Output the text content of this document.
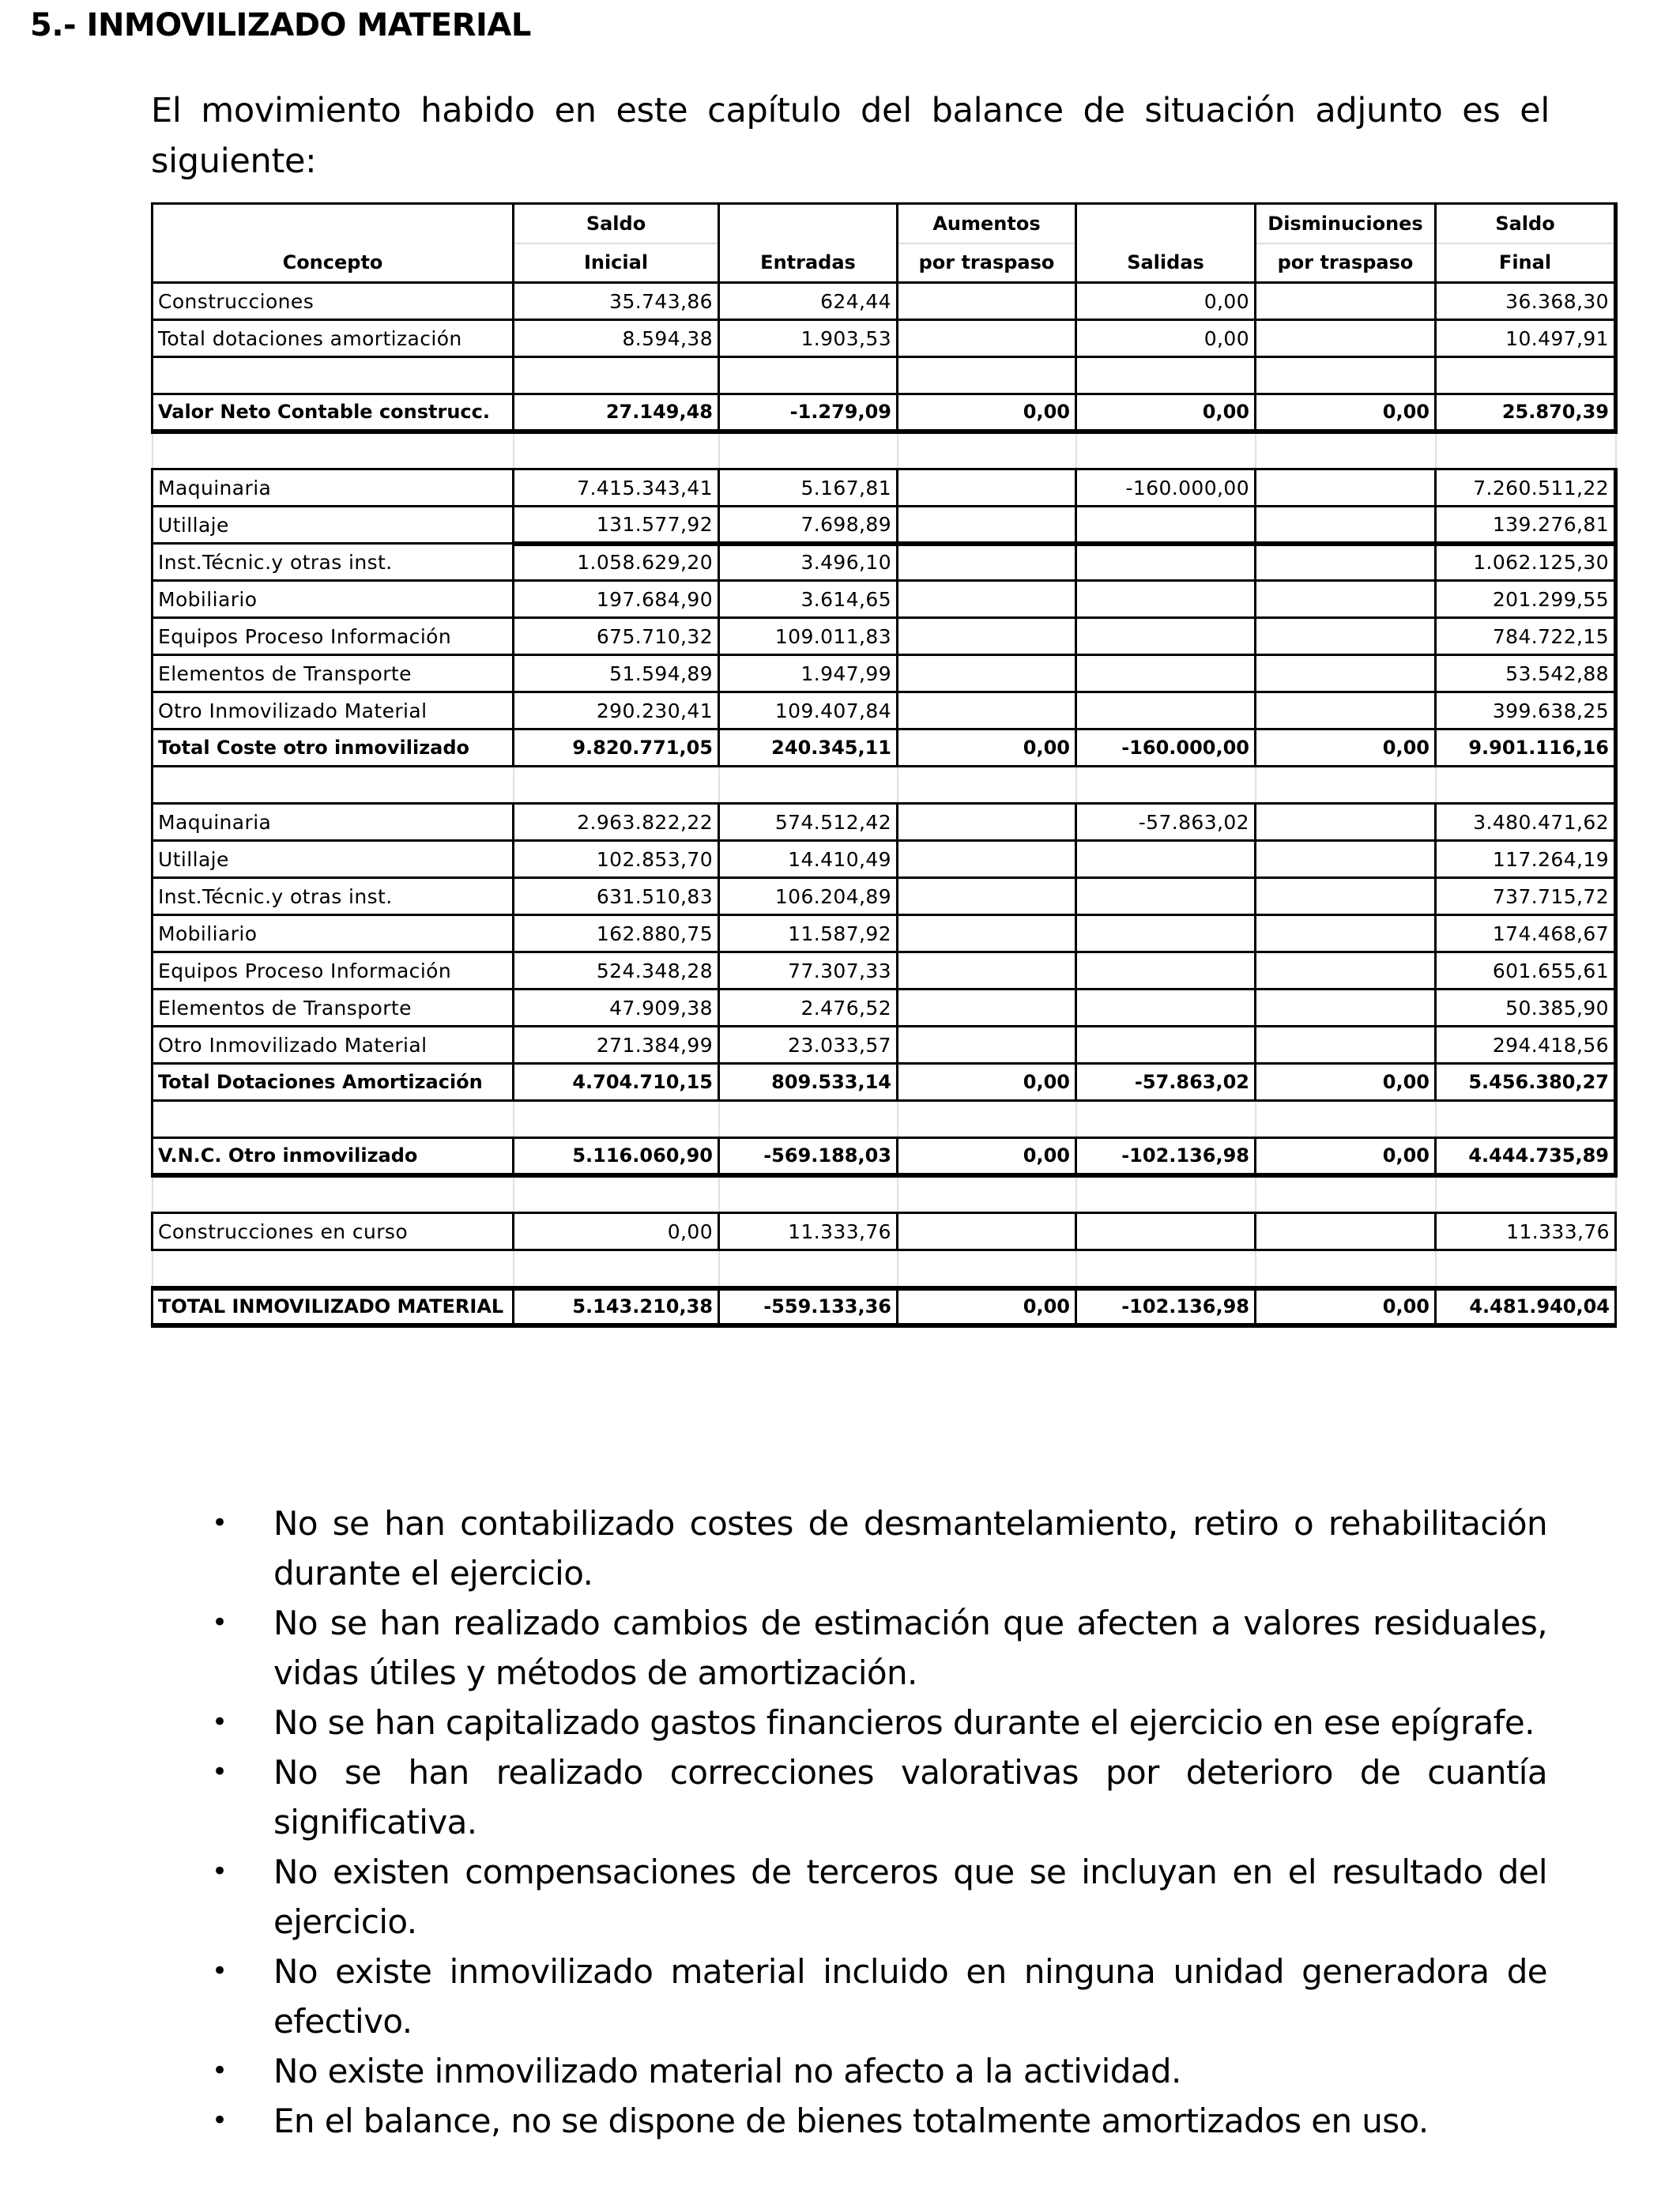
5.- INMOVILIZADO MATERIAL

El movimiento habido en este capítulo del balance de situación adjunto es el siguiente:

Concepto	Saldo	Entradas	Aumentos	Salidas	Disminuciones	Saldo
	Inicial		por traspaso		por traspaso	Final
Construcciones	35.743,86	624,44		0,00		36.368,30
Total dotaciones amortización	8.594,38	1.903,53		0,00		10.497,91

Valor Neto Contable construcc.	27.149,48	-1.279,09	0,00	0,00	0,00	25.870,39

Maquinaria	7.415.343,41	5.167,81		-160.000,00		7.260.511,22
Utillaje	131.577,92	7.698,89				139.276,81
Inst.Técnic.y otras inst.	1.058.629,20	3.496,10				1.062.125,30
Mobiliario	197.684,90	3.614,65				201.299,55
Equipos Proceso Información	675.710,32	109.011,83				784.722,15
Elementos de Transporte	51.594,89	1.947,99				53.542,88
Otro Inmovilizado Material	290.230,41	109.407,84				399.638,25
Total Coste otro inmovilizado	9.820.771,05	240.345,11	0,00	-160.000,00	0,00	9.901.116,16

Maquinaria	2.963.822,22	574.512,42		-57.863,02		3.480.471,62
Utillaje	102.853,70	14.410,49				117.264,19
Inst.Técnic.y otras inst.	631.510,83	106.204,89				737.715,72
Mobiliario	162.880,75	11.587,92				174.468,67
Equipos Proceso Información	524.348,28	77.307,33				601.655,61
Elementos de Transporte	47.909,38	2.476,52				50.385,90
Otro Inmovilizado Material	271.384,99	23.033,57				294.418,56
Total Dotaciones Amortización	4.704.710,15	809.533,14	0,00	-57.863,02	0,00	5.456.380,27

V.N.C. Otro inmovilizado	5.116.060,90	-569.188,03	0,00	-102.136,98	0,00	4.444.735,89

Construcciones en curso	0,00	11.333,76				11.333,76

TOTAL INMOVILIZADO MATERIAL	5.143.210,38	-559.133,36	0,00	-102.136,98	0,00	4.481.940,04
• No se han contabilizado costes de desmantelamiento, retiro o rehabilitación durante el ejercicio.
• No se han realizado cambios de estimación que afecten a valores residuales, vidas útiles y métodos de amortización.
• No se han capitalizado gastos financieros durante el ejercicio en ese epígrafe.
• No se han realizado correcciones valorativas por deterioro de cuantía significativa.
• No existen compensaciones de terceros que se incluyan en el resultado del ejercicio.
• No existe inmovilizado material incluido en ninguna unidad generadora de efectivo.
• No existe inmovilizado material no afecto a la actividad.
• En el balance, no se dispone de bienes totalmente amortizados en uso.
